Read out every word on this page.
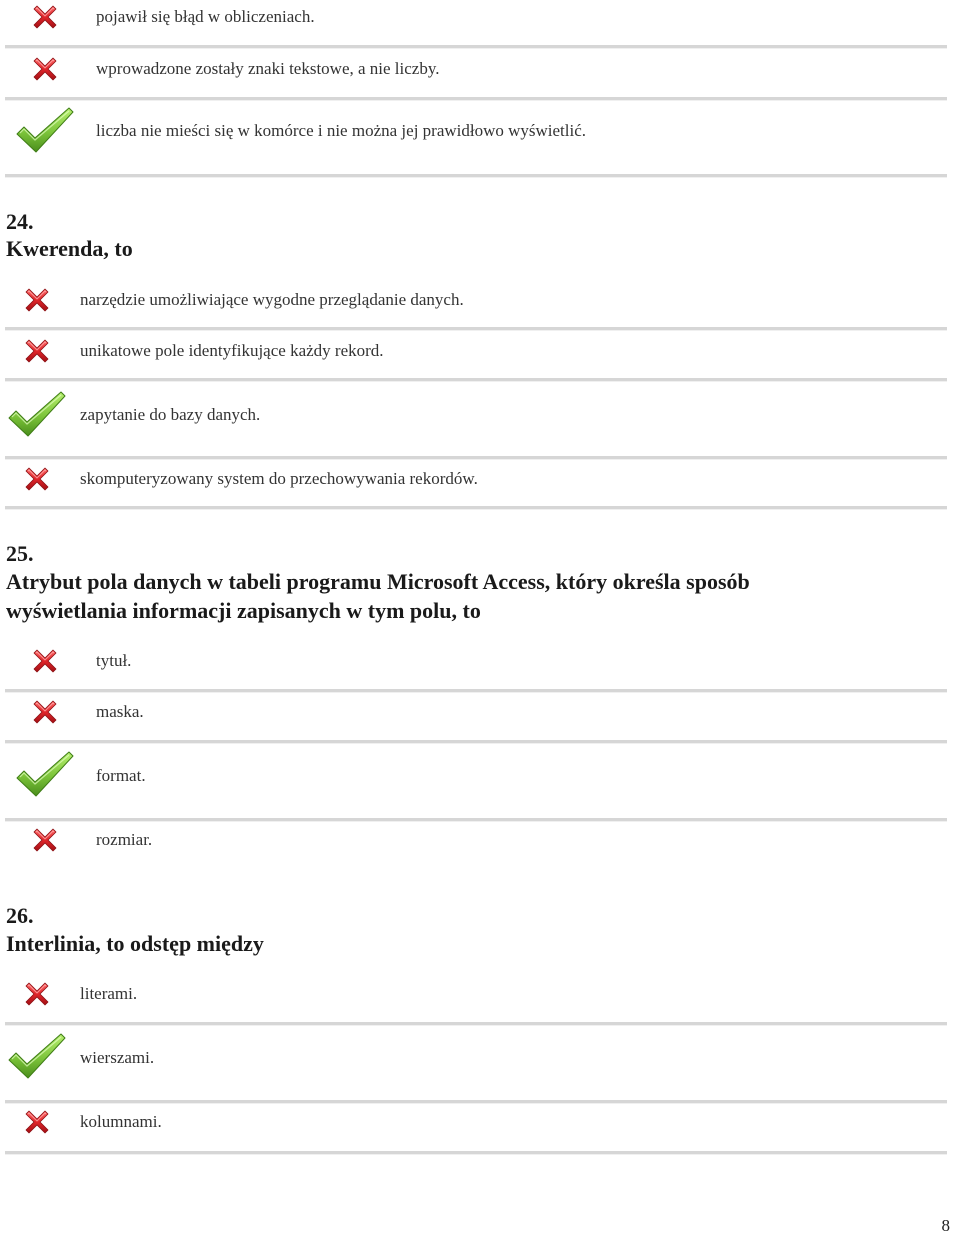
pojawił się błąd w obliczeniach.
wprowadzone zostały znaki tekstowe, a nie liczby.
liczba nie mieści się w komórce i nie można jej prawidłowo wyświetlić.
24.
Kwerenda, to
narzędzie umożliwiające wygodne przeglądanie danych.
unikatowe pole identyfikujące każdy rekord.
zapytanie do bazy danych.
skomputeryzowany system do przechowywania rekordów.
25.
Atrybut pola danych w tabeli programu Microsoft Access, który określa sposób
wyświetlania informacji zapisanych w tym polu, to
tytuł.
maska.
format.
rozmiar.
26.
Interlinia, to odstęp między
literami.
wierszami.
kolumnami.
8
